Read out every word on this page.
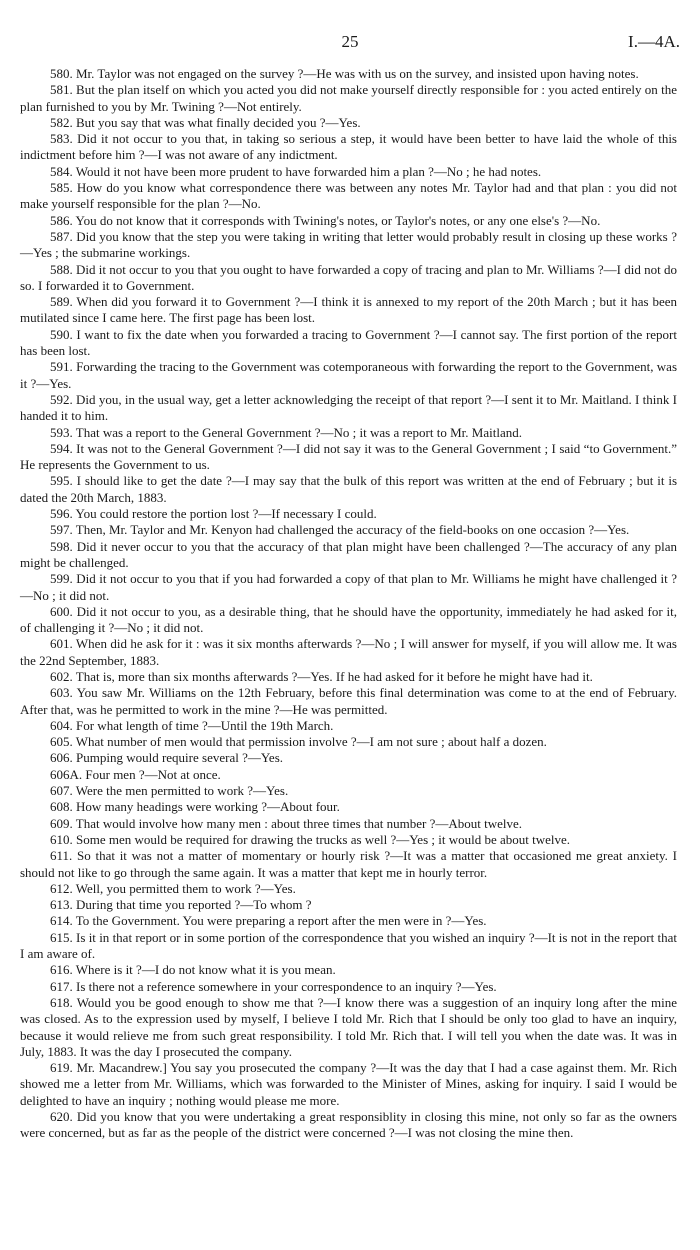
25	I.—4A.

580. Mr. Taylor was not engaged on the survey ?—He was with us on the survey, and insisted upon having notes.

581. But the plan itself on which you acted you did not make yourself directly responsible for : you acted entirely on the plan furnished to you by Mr. Twining ?—Not entirely.

582. But you say that was what finally decided you ?—Yes.

583. Did it not occur to you that, in taking so serious a step, it would have been better to have laid the whole of this indictment before him ?—I was not aware of any indictment.

584. Would it not have been more prudent to have forwarded him a plan ?—No ; he had notes.

585. How do you know what correspondence there was between any notes Mr. Taylor had and that plan : you did not make yourself responsible for the plan ?—No.

586. You do not know that it corresponds with Twining's notes, or Taylor's notes, or any one else's ?—No.

587. Did you know that the step you were taking in writing that letter would probably result in closing up these works ?—Yes ; the submarine workings.

588. Did it not occur to you that you ought to have forwarded a copy of tracing and plan to Mr. Williams ?—I did not do so. I forwarded it to Government.

589. When did you forward it to Government ?—I think it is annexed to my report of the 20th March ; but it has been mutilated since I came here. The first page has been lost.

590. I want to fix the date when you forwarded a tracing to Government ?—I cannot say. The first portion of the report has been lost.

591. Forwarding the tracing to the Government was cotemporaneous with forwarding the report to the Government, was it ?—Yes.

592. Did you, in the usual way, get a letter acknowledging the receipt of that report ?—I sent it to Mr. Maitland. I think I handed it to him.

593. That was a report to the General Government ?—No ; it was a report to Mr. Maitland.

594. It was not to the General Government ?—I did not say it was to the General Government ; I said “to Government.” He represents the Government to us.

595. I should like to get the date ?—I may say that the bulk of this report was written at the end of February ; but it is dated the 20th March, 1883.

596. You could restore the portion lost ?—If necessary I could.

597. Then, Mr. Taylor and Mr. Kenyon had challenged the accuracy of the field-books on one occasion ?—Yes.

598. Did it never occur to you that the accuracy of that plan might have been challenged ?—The accuracy of any plan might be challenged.

599. Did it not occur to you that if you had forwarded a copy of that plan to Mr. Williams he might have challenged it ?—No ; it did not.

600. Did it not occur to you, as a desirable thing, that he should have the opportunity, immediately he had asked for it, of challenging it ?—No ; it did not.

601. When did he ask for it : was it six months afterwards ?—No ; I will answer for myself, if you will allow me. It was the 22nd September, 1883.

602. That is, more than six months afterwards ?—Yes. If he had asked for it before he might have had it.

603. You saw Mr. Williams on the 12th February, before this final determination was come to at the end of February. After that, was he permitted to work in the mine ?—He was permitted.

604. For what length of time ?—Until the 19th March.

605. What number of men would that permission involve ?—I am not sure ; about half a dozen.

606. Pumping would require several ?—Yes.

606A. Four men ?—Not at once.

607. Were the men permitted to work ?—Yes.

608. How many headings were working ?—About four.

609. That would involve how many men : about three times that number ?—About twelve.

610. Some men would be required for drawing the trucks as well ?—Yes ; it would be about twelve.

611. So that it was not a matter of momentary or hourly risk ?—It was a matter that occasioned me great anxiety. I should not like to go through the same again. It was a matter that kept me in hourly terror.

612. Well, you permitted them to work ?—Yes.

613. During that time you reported ?—To whom ?

614. To the Government. You were preparing a report after the men were in ?—Yes.

615. Is it in that report or in some portion of the correspondence that you wished an inquiry ?—It is not in the report that I am aware of.

616. Where is it ?—I do not know what it is you mean.

617. Is there not a reference somewhere in your correspondence to an inquiry ?—Yes.

618. Would you be good enough to show me that ?—I know there was a suggestion of an inquiry long after the mine was closed. As to the expression used by myself, I believe I told Mr. Rich that I should be only too glad to have an inquiry, because it would relieve me from such great responsibility. I told Mr. Rich that. I will tell you when the date was. It was in July, 1883. It was the day I prosecuted the company.

619. Mr. Macandrew.] You say you prosecuted the company ?—It was the day that I had a case against them. Mr. Rich showed me a letter from Mr. Williams, which was forwarded to the Minister of Mines, asking for inquiry. I said I would be delighted to have an inquiry ; nothing would please me more.

620. Did you know that you were undertaking a great responsiblity in closing this mine, not only so far as the owners were concerned, but as far as the people of the district were concerned ?—I was not closing the mine then.
